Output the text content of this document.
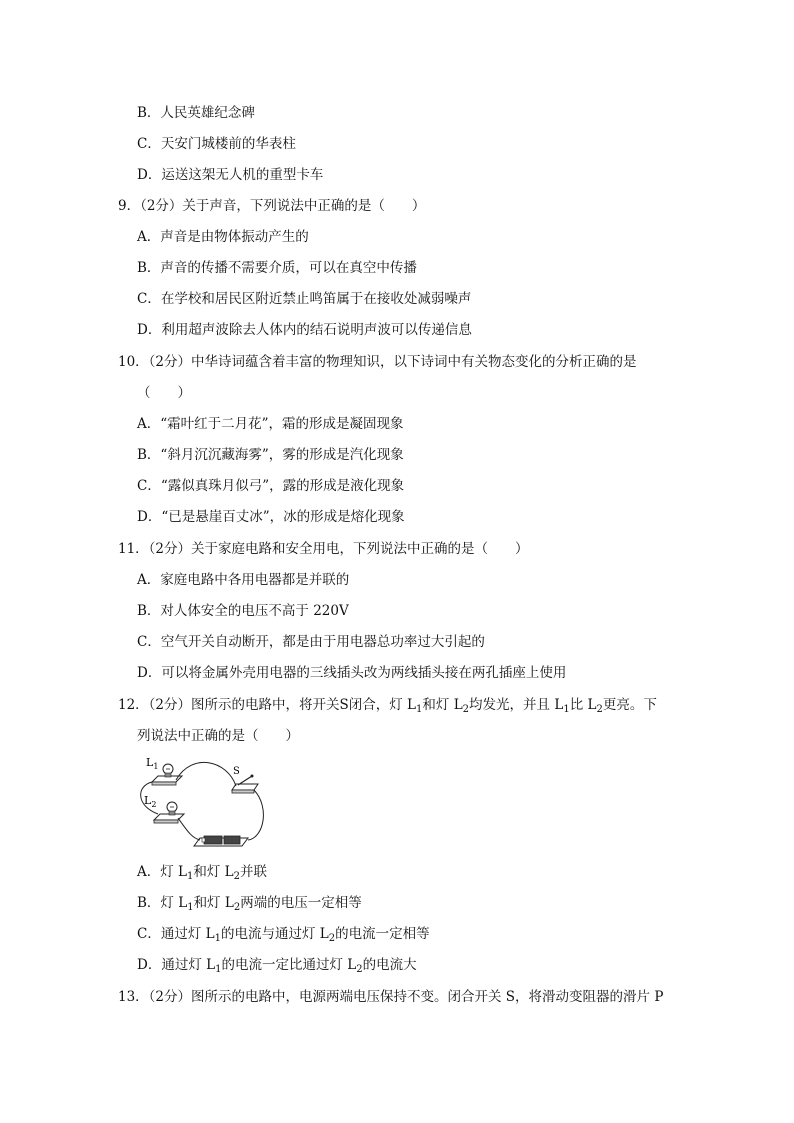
B．人民英雄纪念碑
C．天安门城楼前的华表柱
D．运送这架无人机的重型卡车
9．（2分）关于声音，下列说法中正确的是（　　）
A．声音是由物体振动产生的
B．声音的传播不需要介质，可以在真空中传播
C．在学校和居民区附近禁止鸣笛属于在接收处减弱噪声
D．利用超声波除去人体内的结石说明声波可以传递信息
10．（2分）中华诗词蕴含着丰富的物理知识，以下诗词中有关物态变化的分析正确的是
（　　）
A．“霜叶红于二月花”，霜的形成是凝固现象
B．“斜月沉沉藏海雾”，雾的形成是汽化现象
C．“露似真珠月似弓”，露的形成是液化现象
D．“已是悬崖百丈冰”，冰的形成是熔化现象
11．（2分）关于家庭电路和安全用电，下列说法中正确的是（　　）
A．家庭电路中各用电器都是并联的
B．对人体安全的电压不高于 220V
C．空气开关自动断开，都是由于用电器总功率过大引起的
D．可以将金属外壳用电器的三线插头改为两线插头接在两孔插座上使用
12．（2分）图所示的电路中，将开关S闭合，灯 $L_1$和灯 $L_2$均发光，并且 $L_1$比 $L_2$更亮。下
列说法中正确的是（　　）
$L_1$
$L_2$
S
A．灯 $L_1$和灯 $L_2$并联
B．灯 $L_1$和灯 $L_2$两端的电压一定相等
C．通过灯 $L_1$的电流与通过灯 $L_2$的电流一定相等
D．通过灯 $L_1$的电流一定比通过灯 $L_2$的电流大
13．（2分）图所示的电路中，电源两端电压保持不变。闭合开关 S，将滑动变阻器的滑片 P
